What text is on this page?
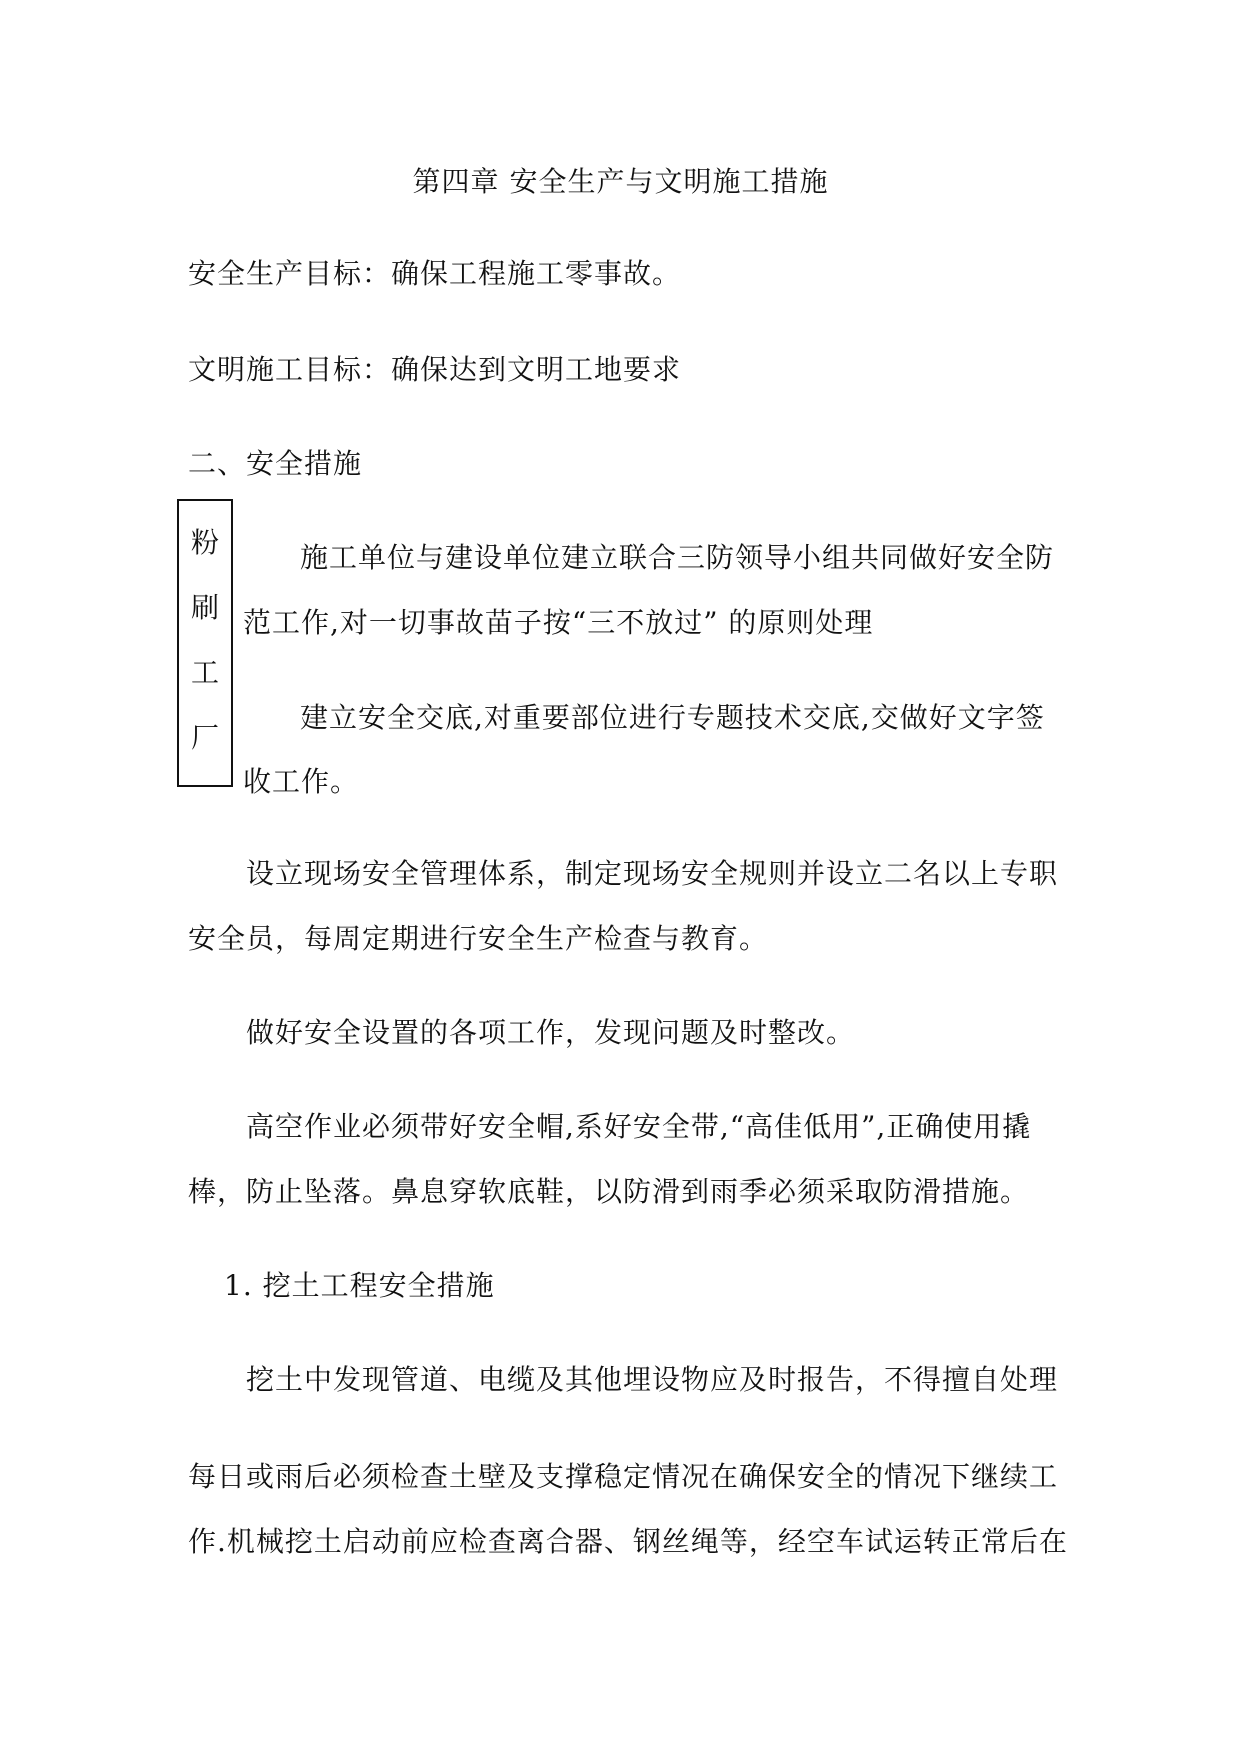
第四章 安全生产与文明施工措施
安全生产目标：确保工程施工零事故。
文明施工目标：确保达到文明工地要求
二、安全措施
粉
刷
工
厂
施工单位与建设单位建立联合三防领导小组共同做好安全防
范工作,对一切事故苗子按“三不放过” 的原则处理
建立安全交底,对重要部位进行专题技术交底,交做好文字签
收工作。
设立现场安全管理体系，制定现场安全规则并设立二名以上专职
安全员，每周定期进行安全生产检查与教育。
做好安全设置的各项工作，发现问题及时整改。
高空作业必须带好安全帽,系好安全带,“高佳低用”,正确使用撬
棒，防止坠落。鼻息穿软底鞋，以防滑到雨季必须采取防滑措施。
1. 挖土工程安全措施
挖土中发现管道、电缆及其他埋设物应及时报告，不得擅自处理
每日或雨后必须检查土壁及支撑稳定情况在确保安全的情况下继续工
作.机械挖土启动前应检查离合器、钢丝绳等，经空车试运转正常后在
